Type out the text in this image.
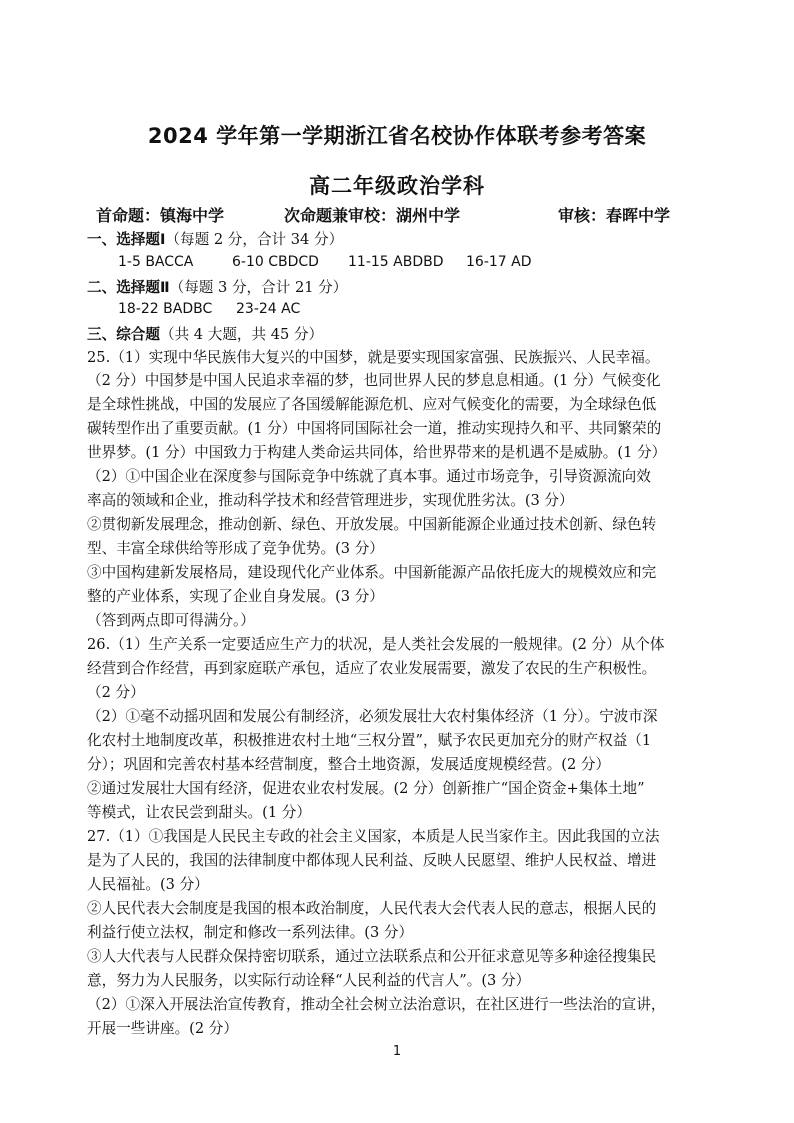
2024 学年第一学期浙江省名校协作体联考参考答案
高二年级政治学科
首命题：镇海中学	次命题兼审校：湖州中学	审核：春晖中学
一、选择题Ⅰ（每题 2 分，合计 34 分）
1-5 BACCA	6-10 CBDCD 11-15 ABDBD 16-17 AD
二、选择题Ⅱ（每题 3 分，合计 21 分）
18-22 BADBC 23-24 AC
三、综合题（共 4 大题，共 45 分）
25.（1）实现中华民族伟大复兴的中国梦，就是要实现国家富强、民族振兴、人民幸福。
（2 分）中国梦是中国人民追求幸福的梦，也同世界人民的梦息息相通。(1 分）气候变化
是全球性挑战，中国的发展应了各国缓解能源危机、应对气候变化的需要，为全球绿色低
碳转型作出了重要贡献。(1 分）中国将同国际社会一道，推动实现持久和平、共同繁荣的
世界梦。(1 分）中国致力于构建人类命运共同体，给世界带来的是机遇不是威胁。(1 分）
（2）①中国企业在深度参与国际竞争中练就了真本事。通过市场竞争，引导资源流向效
率高的领域和企业，推动科学技术和经营管理进步，实现优胜劣汰。(3 分）
②贯彻新发展理念，推动创新、绿色、开放发展。中国新能源企业通过技术创新、绿色转
型、丰富全球供给等形成了竞争优势。(3 分）
③中国构建新发展格局，建设现代化产业体系。中国新能源产品依托庞大的规模效应和完
整的产业体系，实现了企业自身发展。(3 分）
（答到两点即可得满分。）
26.（1）生产关系一定要适应生产力的状况，是人类社会发展的一般规律。(2 分）从个体
经营到合作经营，再到家庭联产承包，适应了农业发展需要，激发了农民的生产积极性。
（2 分）
（2）①毫不动摇巩固和发展公有制经济，必须发展壮大农村集体经济（1 分）。宁波市深
化农村土地制度改革，积极推进农村土地“三权分置”，赋予农民更加充分的财产权益（1
分）；巩固和完善农村基本经营制度，整合土地资源，发展适度规模经营。(2 分）
②通过发展壮大国有经济，促进农业农村发展。(2 分）创新推广“国企资金+集体土地”
等模式，让农民尝到甜头。(1 分）
27.（1）①我国是人民民主专政的社会主义国家，本质是人民当家作主。因此我国的立法
是为了人民的，我国的法律制度中都体现人民利益、反映人民愿望、维护人民权益、增进
人民福祉。(3 分）
②人民代表大会制度是我国的根本政治制度，人民代表大会代表人民的意志，根据人民的
利益行使立法权，制定和修改一系列法律。(3 分）
③人大代表与人民群众保持密切联系，通过立法联系点和公开征求意见等多种途径搜集民
意，努力为人民服务，以实际行动诠释“人民利益的代言人”。(3 分）
（2）①深入开展法治宣传教育，推动全社会树立法治意识，在社区进行一些法治的宣讲，
开展一些讲座。(2 分）
1
